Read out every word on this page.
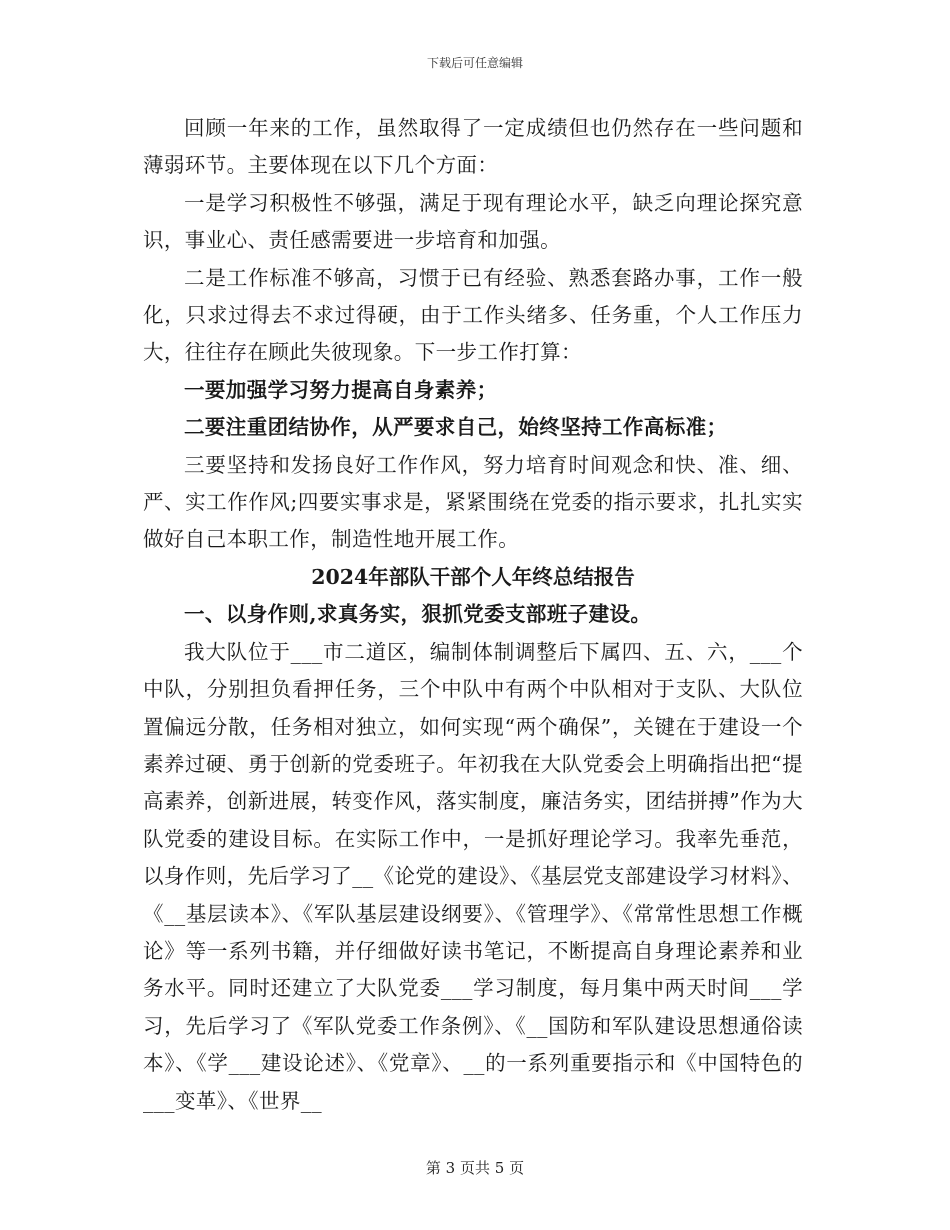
下载后可任意编辑

回顾一年来的工作，虽然取得了一定成绩但也仍然存在一些问题和薄弱环节。主要体现在以下几个方面：

一是学习积极性不够强，满足于现有理论水平，缺乏向理论探究意识，事业心、责任感需要进一步培育和加强。

二是工作标准不够高，习惯于已有经验、熟悉套路办事，工作一般化，只求过得去不求过得硬，由于工作头绪多、任务重，个人工作压力大，往往存在顾此失彼现象。下一步工作打算：

一要加强学习努力提高自身素养；

二要注重团结协作，从严要求自己，始终坚持工作高标准；

三要坚持和发扬良好工作作风，努力培育时间观念和快、准、细、严、实工作作风;四要实事求是，紧紧围绕在党委的指示要求，扎扎实实做好自己本职工作，制造性地开展工作。

2024年部队干部个人年终总结报告

一、以身作则,求真务实，狠抓党委支部班子建设。

我大队位于___市二道区，编制体制调整后下属四、五、六，___个中队，分别担负看押任务，三个中队中有两个中队相对于支队、大队位置偏远分散，任务相对独立，如何实现“两个确保”，关键在于建设一个素养过硬、勇于创新的党委班子。年初我在大队党委会上明确指出把“提高素养，创新进展，转变作风，落实制度，廉洁务实，团结拼搏”作为大队党委的建设目标。在实际工作中，一是抓好理论学习。我率先垂范，以身作则，先后学习了__《论党的建设》、《基层党支部建设学习材料》、《__基层读本》、《军队基层建设纲要》、《管理学》、《常常性思想工作概论》等一系列书籍，并仔细做好读书笔记，不断提高自身理论素养和业务水平。同时还建立了大队党委___学习制度，每月集中两天时间___学习，先后学习了《军队党委工作条例》、《__国防和军队建设思想通俗读本》、《学___建设论述》、《党章》、__的一系列重要指示和《中国特色的___变革》、《世界__

第 3 页共 5 页
